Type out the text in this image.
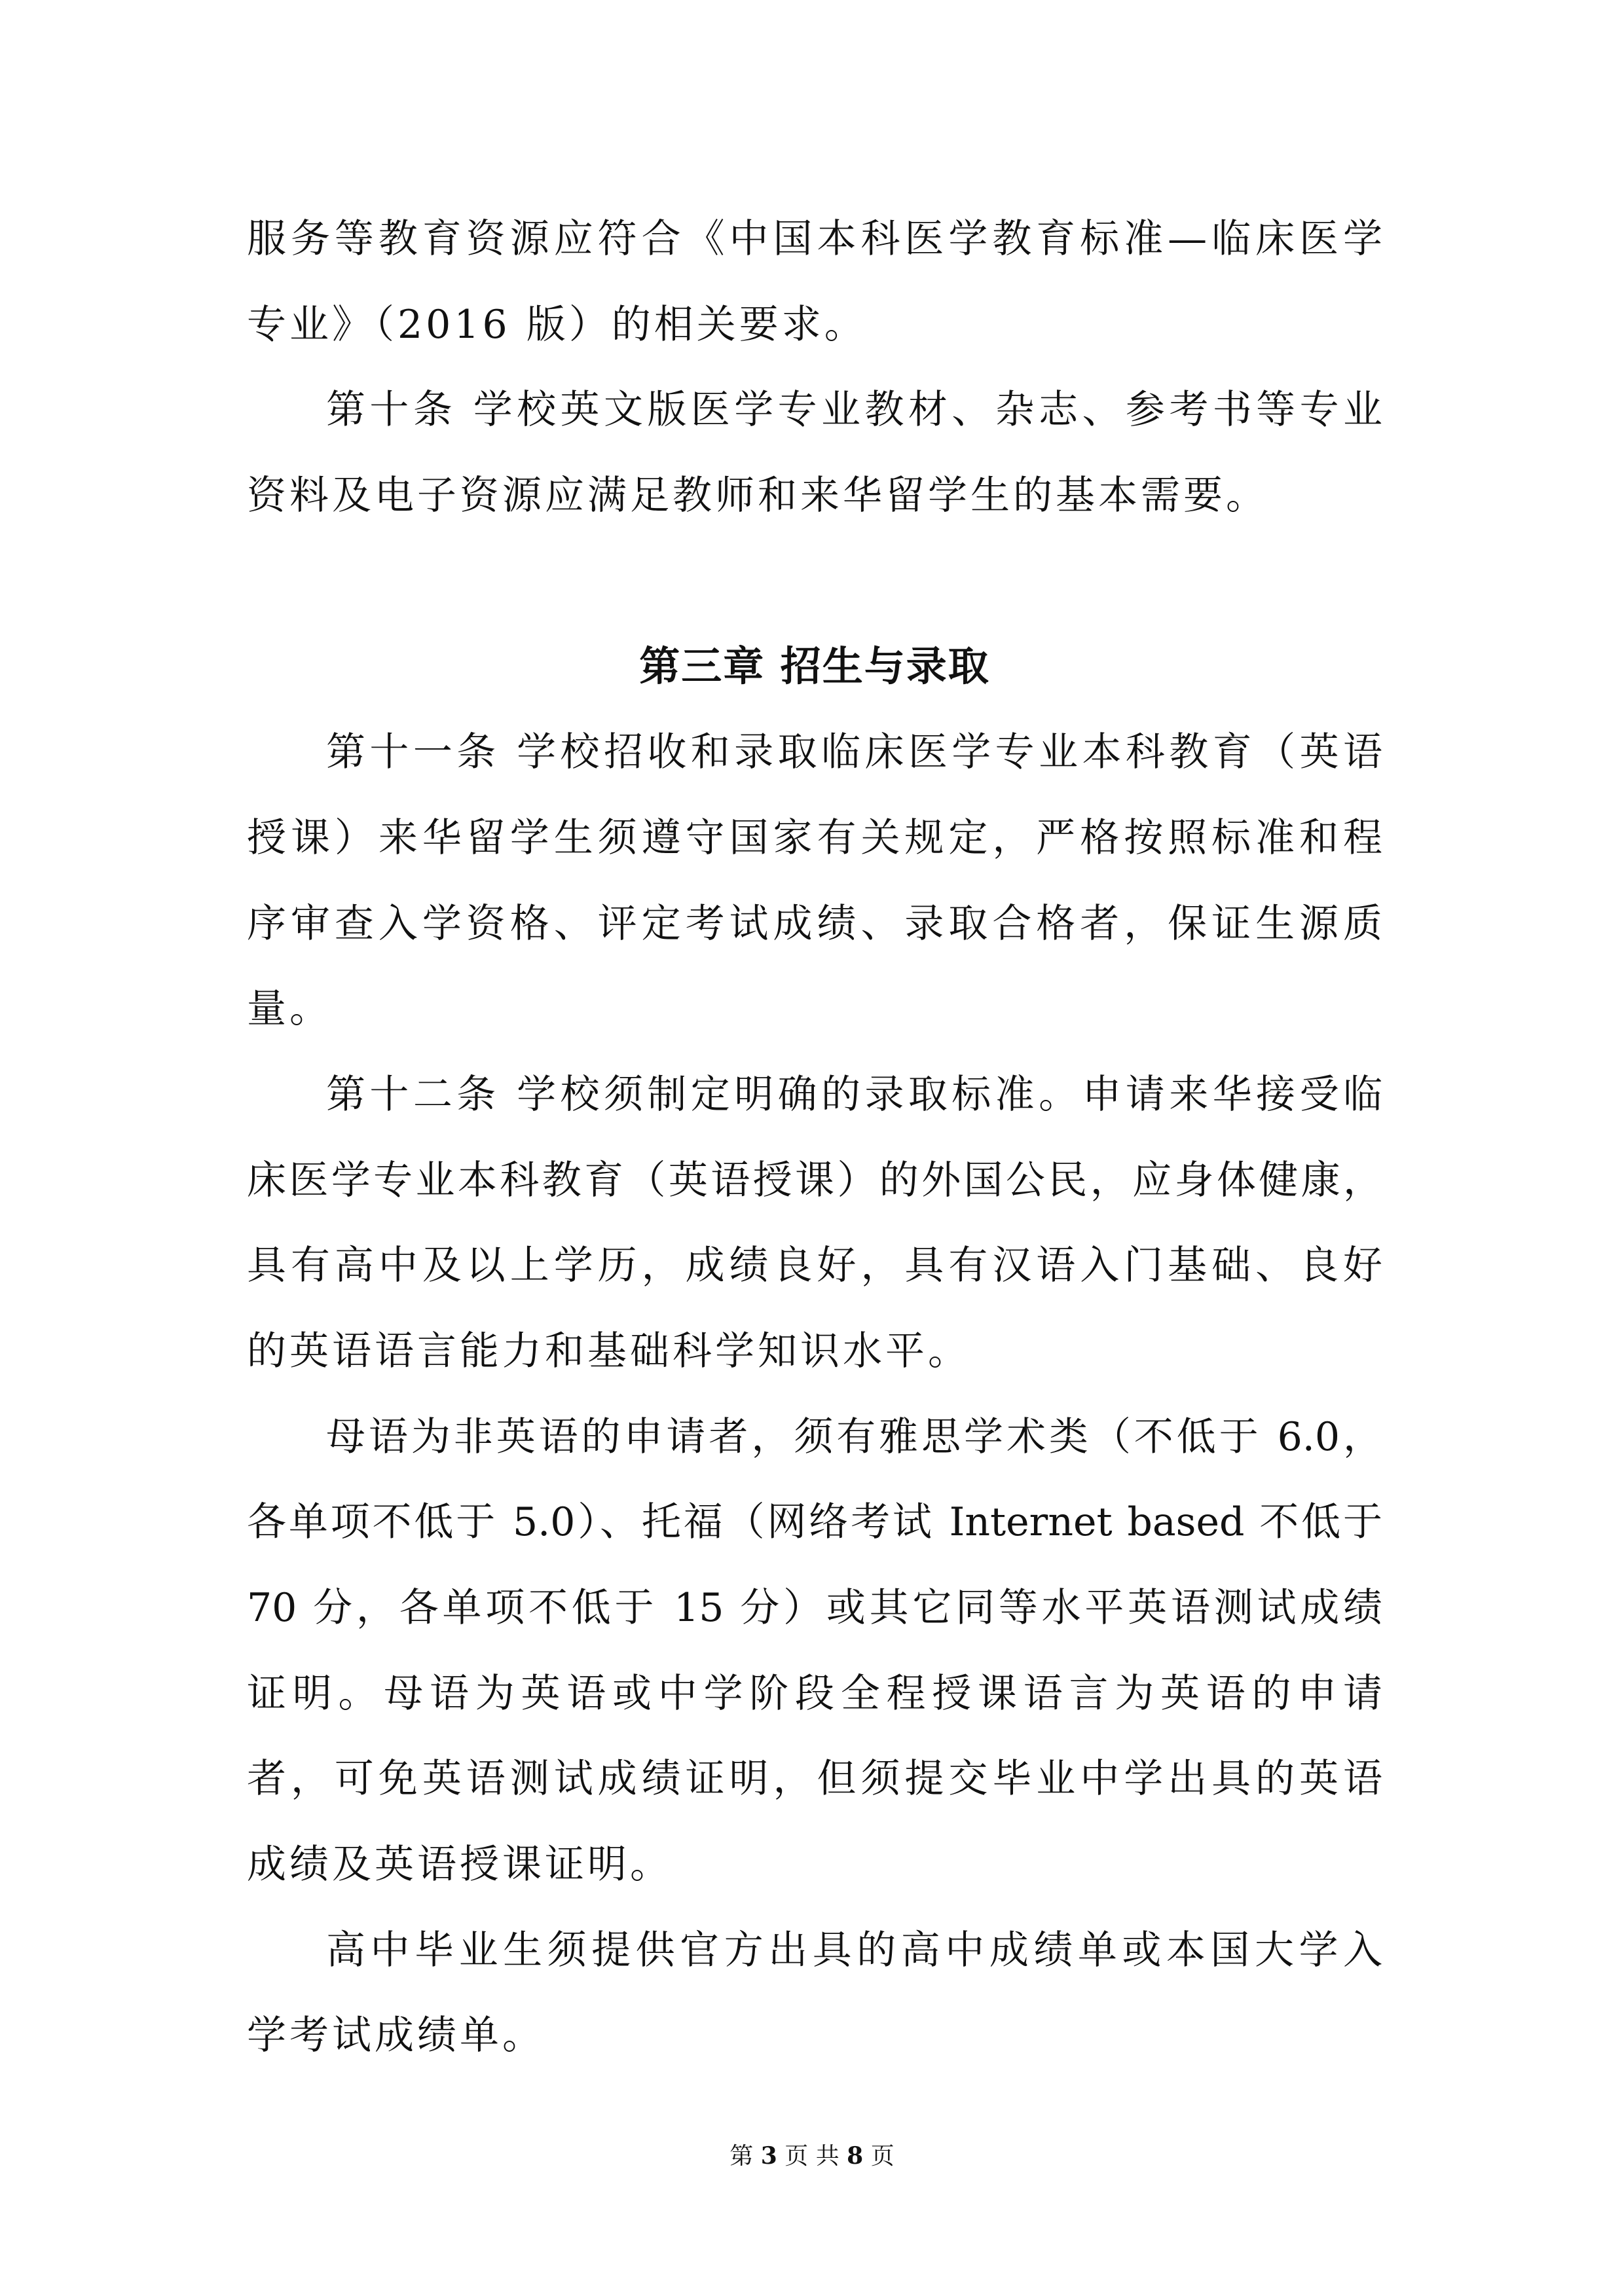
服务等教育资源应符合《中国本科医学教育标准—临床医学
专业》（2016 版）的相关要求。
第十条 学校英文版医学专业教材、杂志、参考书等专业
资料及电子资源应满足教师和来华留学生的基本需要。
第三章 招生与录取
第十一条 学校招收和录取临床医学专业本科教育（英语
授课）来华留学生须遵守国家有关规定，严格按照标准和程
序审查入学资格、评定考试成绩、录取合格者，保证生源质
量。
第十二条 学校须制定明确的录取标准。申请来华接受临
床医学专业本科教育（英语授课）的外国公民，应身体健康，
具有高中及以上学历，成绩良好，具有汉语入门基础、良好
的英语语言能力和基础科学知识水平。
母语为非英语的申请者，须有雅思学术类（不低于 6.0，
各单项不低于 5.0）、托福（网络考试 Internet based 不低于
70 分，各单项不低于 15 分）或其它同等水平英语测试成绩
证明。母语为英语或中学阶段全程授课语言为英语的申请
者，可免英语测试成绩证明，但须提交毕业中学出具的英语
成绩及英语授课证明。
高中毕业生须提供官方出具的高中成绩单或本国大学入
学考试成绩单。
第 3 页 共 8 页
